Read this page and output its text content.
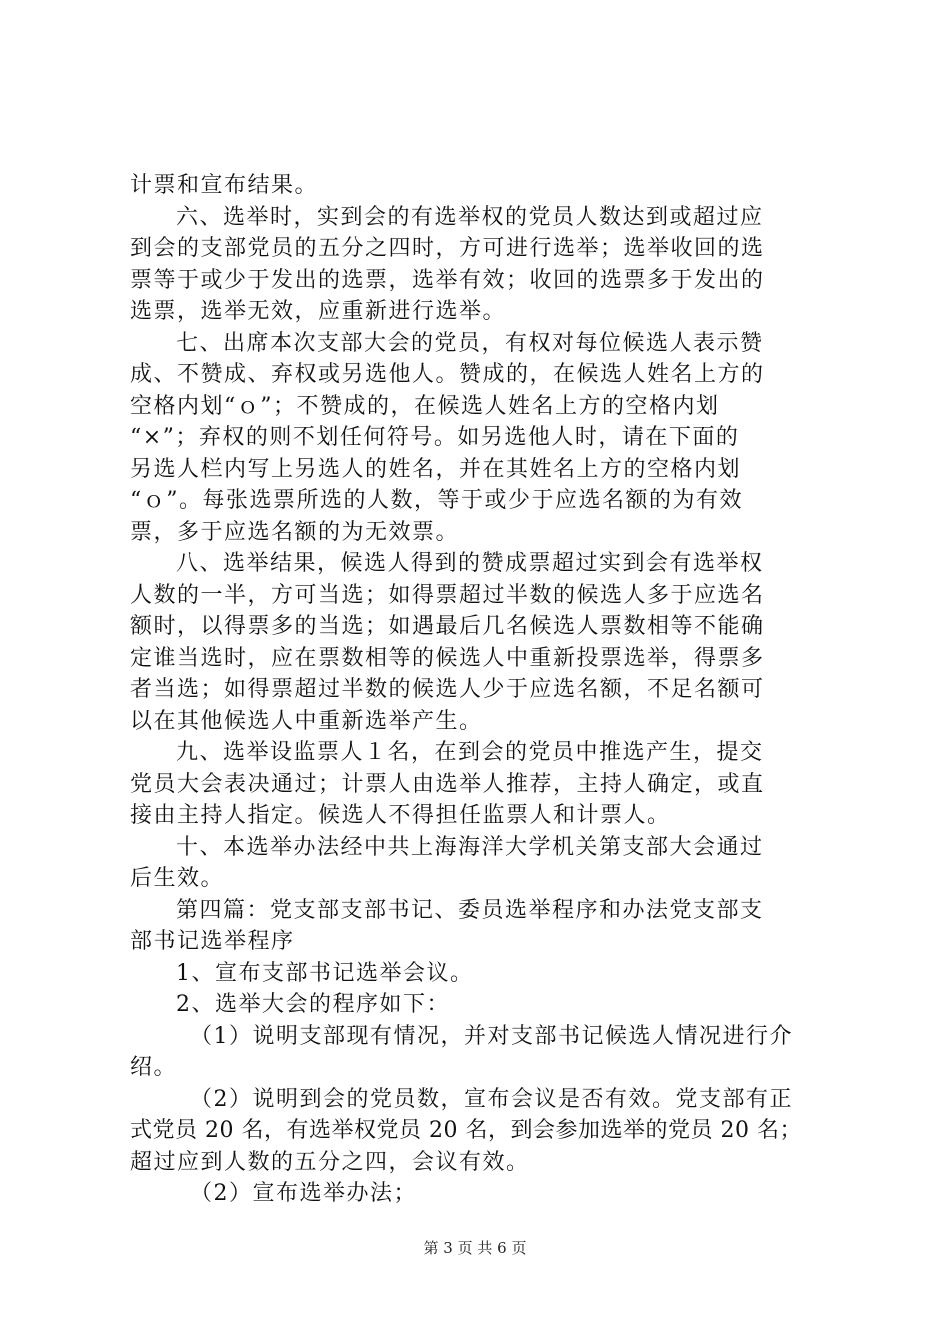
计票和宣布结果。
六、选举时，实到会的有选举权的党员人数达到或超过应
到会的支部党员的五分之四时，方可进行选举；选举收回的选
票等于或少于发出的选票，选举有效；收回的选票多于发出的
选票，选举无效，应重新进行选举。
七、出席本次支部大会的党员，有权对每位候选人表示赞
成、不赞成、弃权或另选他人。赞成的，在候选人姓名上方的
空格内划“ｏ”；不赞成的，在候选人姓名上方的空格内划
“×”；弃权的则不划任何符号。如另选他人时，请在下面的
另选人栏内写上另选人的姓名，并在其姓名上方的空格内划
“ｏ”。每张选票所选的人数，等于或少于应选名额的为有效
票，多于应选名额的为无效票。
八、选举结果，候选人得到的赞成票超过实到会有选举权
人数的一半，方可当选；如得票超过半数的候选人多于应选名
额时，以得票多的当选；如遇最后几名候选人票数相等不能确
定谁当选时，应在票数相等的候选人中重新投票选举，得票多
者当选；如得票超过半数的候选人少于应选名额，不足名额可
以在其他候选人中重新选举产生。
九、选举设监票人１名，在到会的党员中推选产生，提交
党员大会表决通过；计票人由选举人推荐，主持人确定，或直
接由主持人指定。候选人不得担任监票人和计票人。
十、本选举办法经中共上海海洋大学机关第支部大会通过
后生效。
第四篇：党支部支部书记、委员选举程序和办法党支部支
部书记选举程序
1、宣布支部书记选举会议。
2、选举大会的程序如下：
（1）说明支部现有情况，并对支部书记候选人情况进行介
绍。
（2）说明到会的党员数，宣布会议是否有效。党支部有正
式党员 20 名，有选举权党员 20 名，到会参加选举的党员 20 名；
超过应到人数的五分之四，会议有效。
（2）宣布选举办法；
第 3 页 共 6 页
